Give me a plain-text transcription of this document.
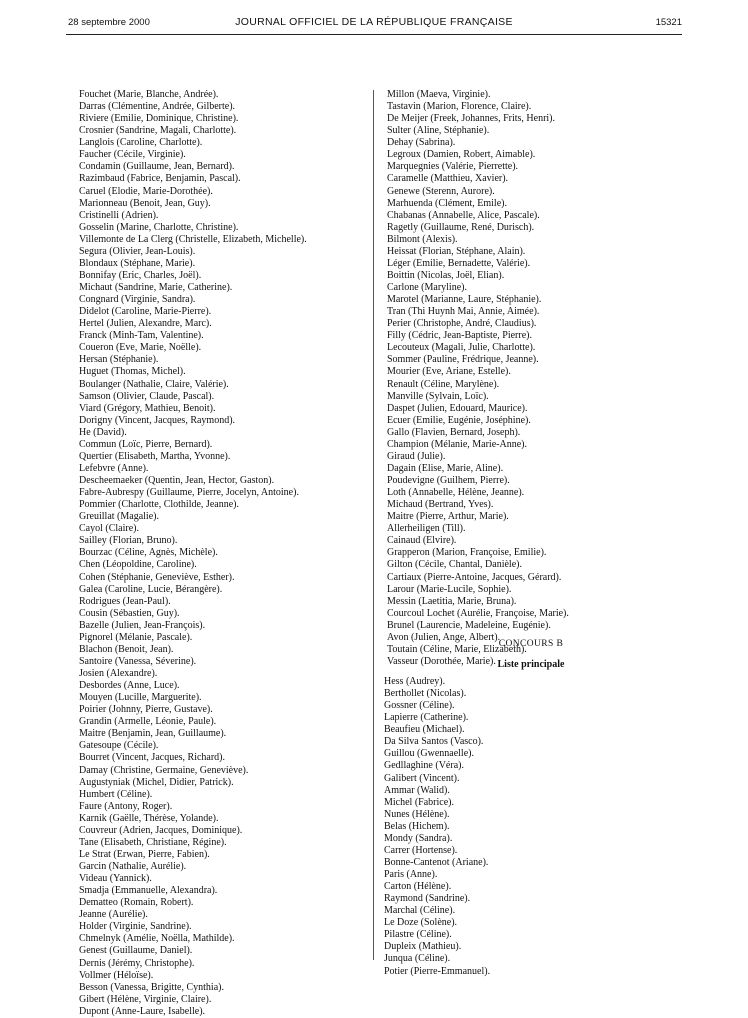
28 septembre 2000	JOURNAL OFFICIEL DE LA RÉPUBLIQUE FRANÇAISE	15321
Fouchet (Marie, Blanche, Andrée).
Darras (Clémentine, Andrée, Gilberte).
Riviere (Emilie, Dominique, Christine).
Crosnier (Sandrine, Magali, Charlotte).
Langlois (Caroline, Charlotte).
Faucher (Cécile, Virginie).
Condamin (Guillaume, Jean, Bernard).
Razimbaud (Fabrice, Benjamin, Pascal).
Caruel (Elodie, Marie-Dorothée).
Marionneau (Benoit, Jean, Guy).
Cristinelli (Adrien).
Gosselin (Marine, Charlotte, Christine).
Villemonte de La Clerg (Christelle, Elizabeth, Michelle).
Segura (Olivier, Jean-Louis).
Blondaux (Stéphane, Marie).
Bonnifay (Eric, Charles, Joël).
Michaut (Sandrine, Marie, Catherine).
Congnard (Virginie, Sandra).
Didelot (Caroline, Marie-Pierre).
Hertel (Julien, Alexandre, Marc).
Franck (Minh-Tam, Valentine).
Coueron (Eve, Marie, Noëlle).
Hersan (Stéphanie).
Huguet (Thomas, Michel).
Boulanger (Nathalie, Claire, Valérie).
Samson (Olivier, Claude, Pascal).
Viard (Grégory, Mathieu, Benoit).
Dorigny (Vincent, Jacques, Raymond).
He (David).
Commun (Loïc, Pierre, Bernard).
Quertier (Elisabeth, Martha, Yvonne).
Lefebvre (Anne).
Descheemaeker (Quentin, Jean, Hector, Gaston).
Fabre-Aubrespy (Guillaume, Pierre, Jocelyn, Antoine).
Pommier (Charlotte, Clothilde, Jeanne).
Greuillat (Magalie).
Cayol (Claire).
Sailley (Florian, Bruno).
Bourzac (Céline, Agnès, Michèle).
Chen (Léopoldine, Caroline).
Cohen (Stéphanie, Geneviève, Esther).
Galea (Caroline, Lucie, Bérangère).
Rodrigues (Jean-Paul).
Cousin (Sébastien, Guy).
Bazelle (Julien, Jean-François).
Pignorel (Mélanie, Pascale).
Blachon (Benoit, Jean).
Santoire (Vanessa, Séverine).
Josien (Alexandre).
Desbordes (Anne, Luce).
Mouyen (Lucille, Marguerite).
Poirier (Johnny, Pierre, Gustave).
Grandin (Armelle, Léonie, Paule).
Maitre (Benjamin, Jean, Guillaume).
Gatesoupe (Cécile).
Bourret (Vincent, Jacques, Richard).
Damay (Christine, Germaine, Geneviève).
Augustyniak (Michel, Didier, Patrick).
Humbert (Céline).
Faure (Antony, Roger).
Karnik (Gaëlle, Thérèse, Yolande).
Couvreur (Adrien, Jacques, Dominique).
Tane (Elisabeth, Christiane, Régine).
Le Strat (Erwan, Pierre, Fabien).
Garcin (Nathalie, Aurélie).
Videau (Yannick).
Smadja (Emmanuelle, Alexandra).
Dematteo (Romain, Robert).
Jeanne (Aurélie).
Holder (Virginie, Sandrine).
Chmelnyk (Amélie, Noëlla, Mathilde).
Genest (Guillaume, Daniel).
Dernis (Jérémy, Christophe).
Vollmer (Héloïse).
Besson (Vanessa, Brigitte, Cynthia).
Gibert (Hélène, Virginie, Claire).
Dupont (Anne-Laure, Isabelle).
Millon (Maeva, Virginie).
Tastavin (Marion, Florence, Claire).
De Meijer (Freek, Johannes, Frits, Henri).
Sulter (Aline, Stéphanie).
Dehay (Sabrina).
Legroux (Damien, Robert, Aimable).
Marquegnies (Valérie, Pierrette).
Caramelle (Matthieu, Xavier).
Genewe (Sterenn, Aurore).
Marhuenda (Clément, Emile).
Chabanas (Annabelle, Alice, Pascale).
Ragetly (Guillaume, René, Durisch).
Bilmont (Alexis).
Heissat (Florian, Stéphane, Alain).
Léger (Emilie, Bernadette, Valérie).
Boittin (Nicolas, Joël, Elian).
Carlone (Maryline).
Marotel (Marianne, Laure, Stéphanie).
Tran (Thi Huynh Mai, Annie, Aimée).
Perier (Christophe, André, Claudius).
Filly (Cédric, Jean-Baptiste, Pierre).
Lecouteux (Magali, Julie, Charlotte).
Sommer (Pauline, Frédrique, Jeanne).
Mourier (Eve, Ariane, Estelle).
Renault (Céline, Marylène).
Manville (Sylvain, Loïc).
Daspet (Julien, Edouard, Maurice).
Ecuer (Emilie, Eugénie, Joséphine).
Gallo (Flavien, Bernard, Joseph).
Champion (Mélanie, Marie-Anne).
Giraud (Julie).
Dagain (Elise, Marie, Aline).
Poudevigne (Guilhem, Pierre).
Loth (Annabelle, Hélène, Jeanne).
Michaud (Bertrand, Yves).
Maitre (Pierre, Arthur, Marie).
Allerheiligen (Till).
Cainaud (Elvire).
Grapperon (Marion, Françoise, Emilie).
Gilton (Cécile, Chantal, Danièle).
Cartiaux (Pierre-Antoine, Jacques, Gérard).
Larour (Marie-Lucile, Sophie).
Messin (Laetitia, Marie, Bruna).
Courcoul Lochet (Aurélie, Françoise, Marie).
Brunel (Laurencie, Madeleine, Eugénie).
Avon (Julien, Ange, Albert).
Toutain (Céline, Marie, Elizabeth).
Vasseur (Dorothée, Marie).
CONCOURS B
Liste principale
Hess (Audrey).
Berthollet (Nicolas).
Gossner (Céline).
Lapierre (Catherine).
Beaufieu (Michael).
Da Silva Santos (Vasco).
Guillou (Gwennaelle).
Gedllaghine (Véra).
Galibert (Vincent).
Ammar (Walid).
Michel (Fabrice).
Nunes (Hélène).
Belas (Hichem).
Mondy (Sandra).
Carrer (Hortense).
Bonne-Cantenot (Ariane).
Paris (Anne).
Carton (Hélène).
Raymond (Sandrine).
Marchal (Céline).
Le Doze (Solène).
Pilastre (Céline).
Dupleix (Mathieu).
Junqua (Céline).
Potier (Pierre-Emmanuel).
